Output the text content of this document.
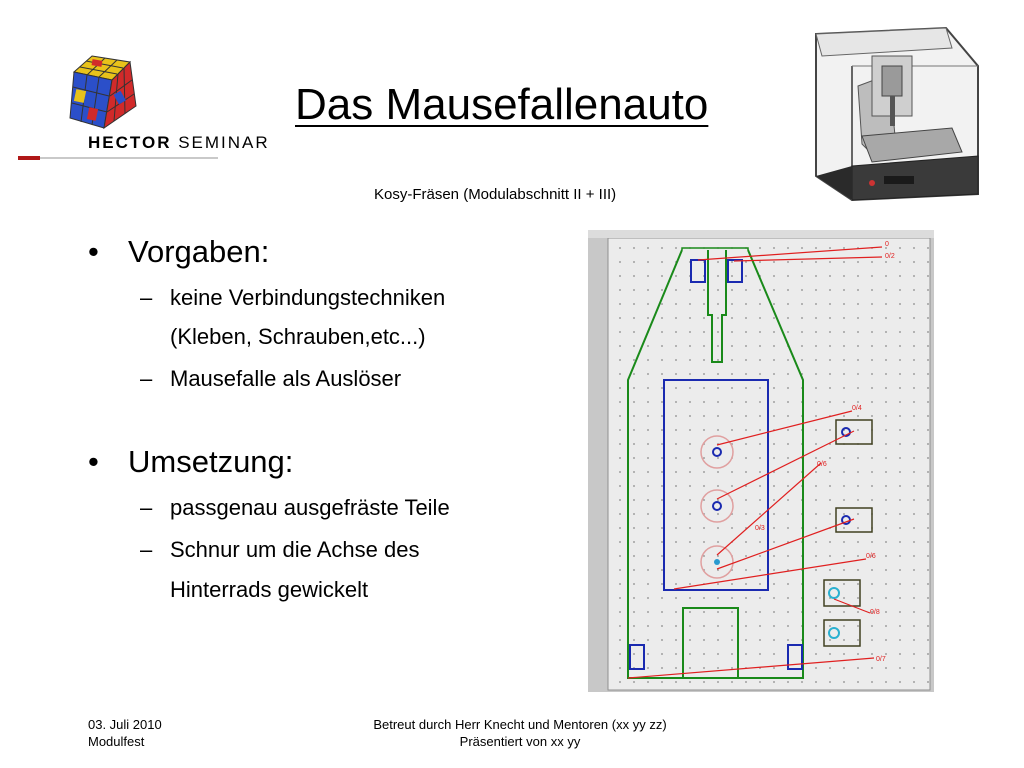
HECTOR SEMINAR
Das Mausefallenauto
Kosy-Fräsen (Modulabschnitt II + III)
• Vorgaben:
– keine Verbindungstechniken
(Kleben, Schrauben,etc...)
– Mausefalle als Auslöser
• Umsetzung:
– passgenau ausgefräste Teile
– Schnur um die Achse des
Hinterrads gewickelt
0
0/2
0/4
0/6
0/3
0/6
0/8
0/7
03. Juli 2010
Modulfest
Betreut durch Herr Knecht und Mentoren (xx yy zz)
Präsentiert von xx yy
